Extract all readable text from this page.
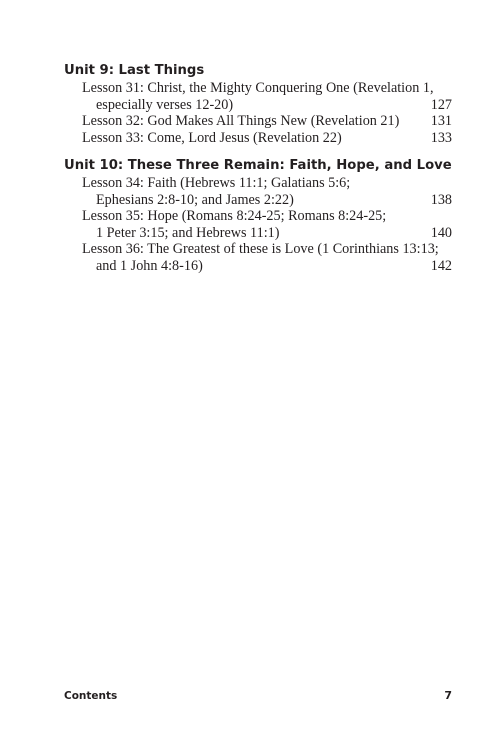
Unit 9: Last Things
Lesson 31: Christ, the Mighty Conquering One (Revelation 1,
especially verses 12-20)	127
Lesson 32: God Makes All Things New (Revelation 21)	131
Lesson 33: Come, Lord Jesus (Revelation 22)	133
Unit 10: These Three Remain: Faith, Hope, and Love
Lesson 34: Faith (Hebrews 11:1; Galatians 5:6;
Ephesians 2:8-10; and James 2:22)	138
Lesson 35: Hope (Romans 8:24-25; Romans 8:24-25;
1 Peter 3:15; and Hebrews 11:1)	140
Lesson 36: The Greatest of these is Love (1 Corinthians 13:13;
and 1 John 4:8-16)	142
Contents	7
